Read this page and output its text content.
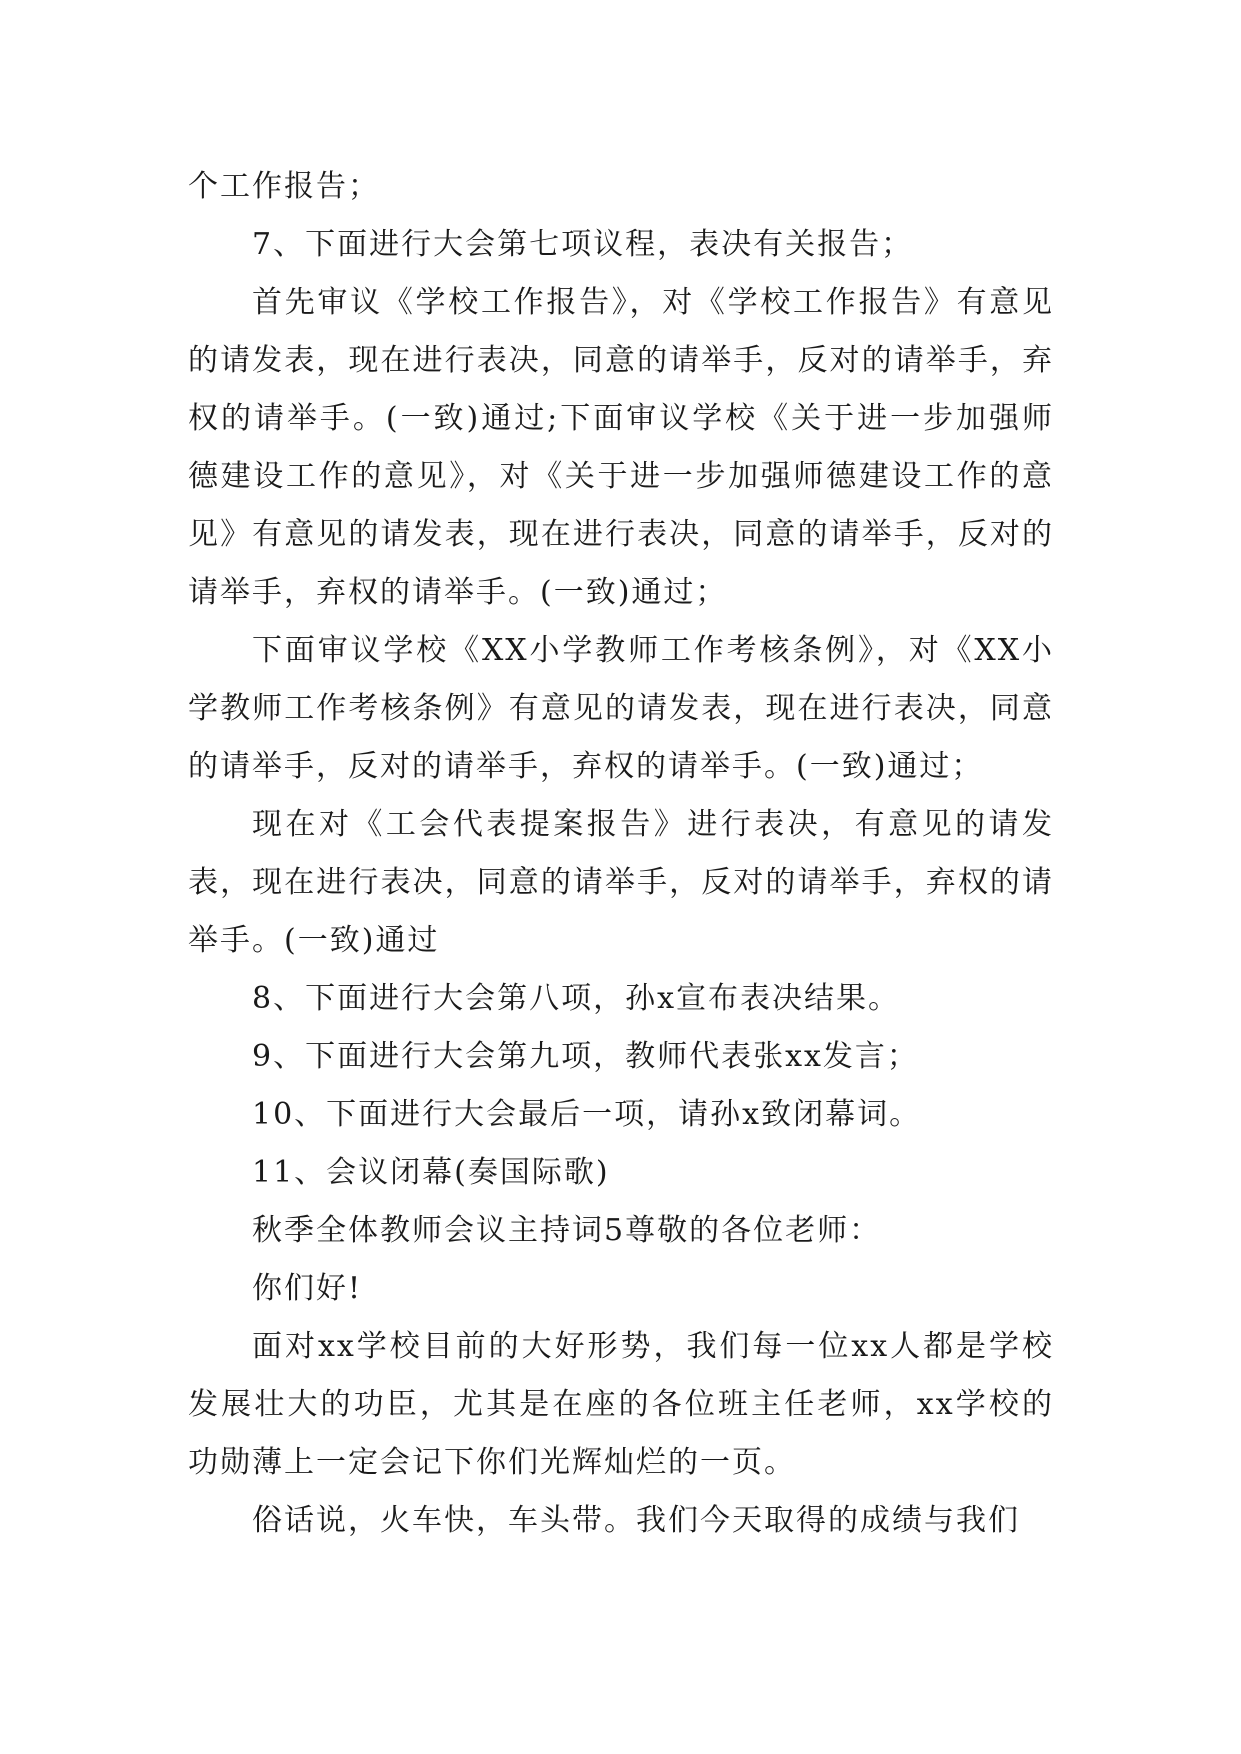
个工作报告；

7、下面进行大会第七项议程，表决有关报告；

首先审议《学校工作报告》，对《学校工作报告》有意见的请发表，现在进行表决，同意的请举手，反对的请举手，弃权的请举手。(一致)通过;下面审议学校《关于进一步加强师德建设工作的意见》，对《关于进一步加强师德建设工作的意见》有意见的请发表，现在进行表决，同意的请举手，反对的请举手，弃权的请举手。(一致)通过；

下面审议学校《XX小学教师工作考核条例》，对《XX小学教师工作考核条例》有意见的请发表，现在进行表决，同意的请举手，反对的请举手，弃权的请举手。(一致)通过；

现在对《工会代表提案报告》进行表决，有意见的请发表，现在进行表决，同意的请举手，反对的请举手，弃权的请举手。(一致)通过

8、下面进行大会第八项，孙x宣布表决结果。

9、下面进行大会第九项，教师代表张xx发言；

10、下面进行大会最后一项，请孙x致闭幕词。

11、会议闭幕(奏国际歌)

秋季全体教师会议主持词5尊敬的各位老师：

你们好!

面对xx学校目前的大好形势，我们每一位xx人都是学校发展壮大的功臣，尤其是在座的各位班主任老师，xx学校的功勋薄上一定会记下你们光辉灿烂的一页。

俗话说，火车快，车头带。我们今天取得的成绩与我们
